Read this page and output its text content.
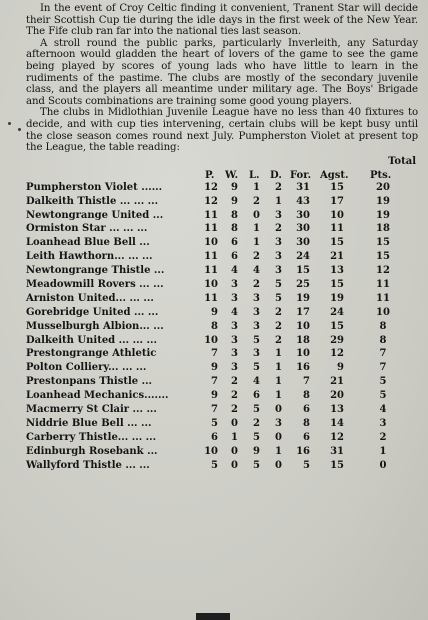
In the event of Croy Celtic finding it convenient, Tranent Star will decide their Scottish Cup tie during the idle days in the first week of the New Year. The Fife club ran far into the national ties last season.

A stroll round the public parks, particularly Inverleith, any Saturday afternoon would gladden the heart of lovers of the game to see the game being played by scores of young lads who have little to learn in the rudiments of the pastime. The clubs are mostly of the secondary juvenile class, and the players all meantime under military age. The Boys' Brigade and Scouts combinations are training some good young players.

The clubs in Midlothian Juvenile League have no less than 40 fixtures to decide, and with cup ties intervening, certain clubs will be kept busy until the close season comes round next July. Pumpherston Violet at present top the League, the table reading:

P. W. L. D. For. Agst.
Total
Pts.
Pumpherston Violet ......	12	9	1	2	31	15	20
Dalkeith Thistle ... ... ...	12	9	2	1	43	17	19
Newtongrange United ...	11	8	0	3	30	10	19
Ormiston Star ... ... ...	11	8	1	2	30	11	18
Loanhead Blue Bell ...	10	6	1	3	30	15	15
Leith Hawthorn... ... ...	11	6	2	3	24	21	15
Newtongrange Thistle ...	11	4	4	3	15	13	12
Meadowmill Rovers ... ...	10	3	2	5	25	15	11
Arniston United... ... ...	11	3	3	5	19	19	11
Gorebridge United ... ...	9	4	3	2	17	24	10
Musselburgh Albion... ...	8	3	3	2	10	15	8
Dalkeith United ... ... ...	10	3	5	2	18	29	8
Prestongrange Athletic	7	3	3	1	10	12	7
Polton Colliery... ... ...	9	3	5	1	16	9	7
Prestonpans Thistle ...	7	2	4	1	7	21	5
Loanhead Mechanics.......	9	2	6	1	8	20	5
Macmerry St Clair ... ...	7	2	5	0	6	13	4
Niddrie Blue Bell ... ...	5	0	2	3	8	14	3
Carberry Thistle... ... ...	6	1	5	0	6	12	2
Edinburgh Rosebank ...	10	0	9	1	16	31	1
Wallyford Thistle ... ...	5	0	5	0	5	15	0
